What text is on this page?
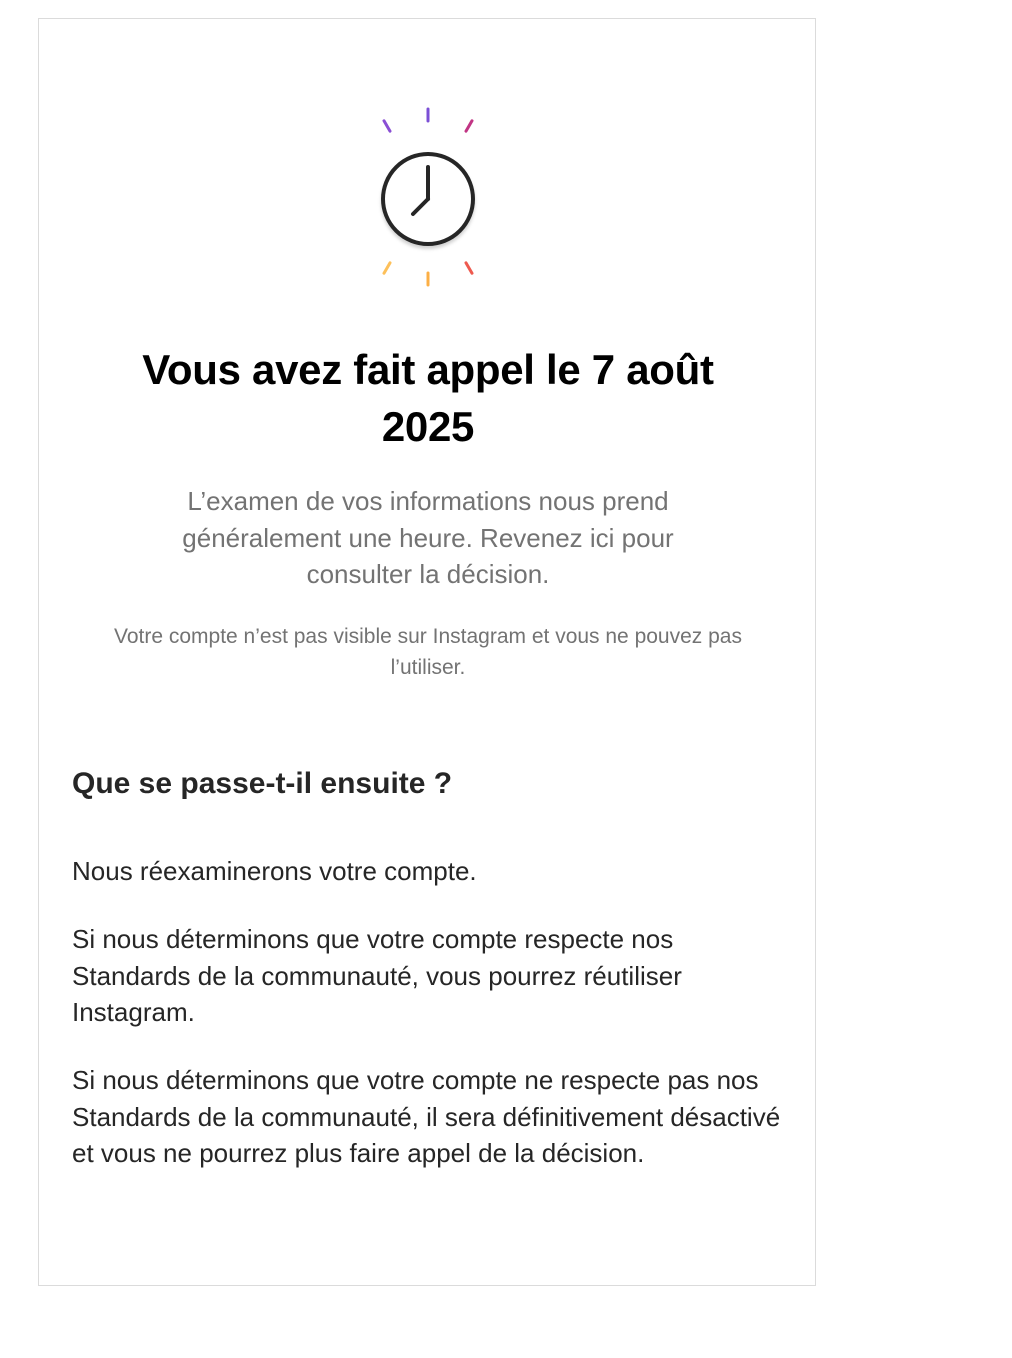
Vous avez fait appel le 7 août 2025

L’examen de vos informations nous prend généralement une heure. Revenez ici pour consulter la décision.

Votre compte n’est pas visible sur Instagram et vous ne pouvez pas l’utiliser.

Que se passe-t-il ensuite ?

Nous réexaminerons votre compte.

Si nous déterminons que votre compte respecte nos Standards de la communauté, vous pourrez réutiliser Instagram.

Si nous déterminons que votre compte ne respecte pas nos Standards de la communauté, il sera définitivement désactivé et vous ne pourrez plus faire appel de la décision.
